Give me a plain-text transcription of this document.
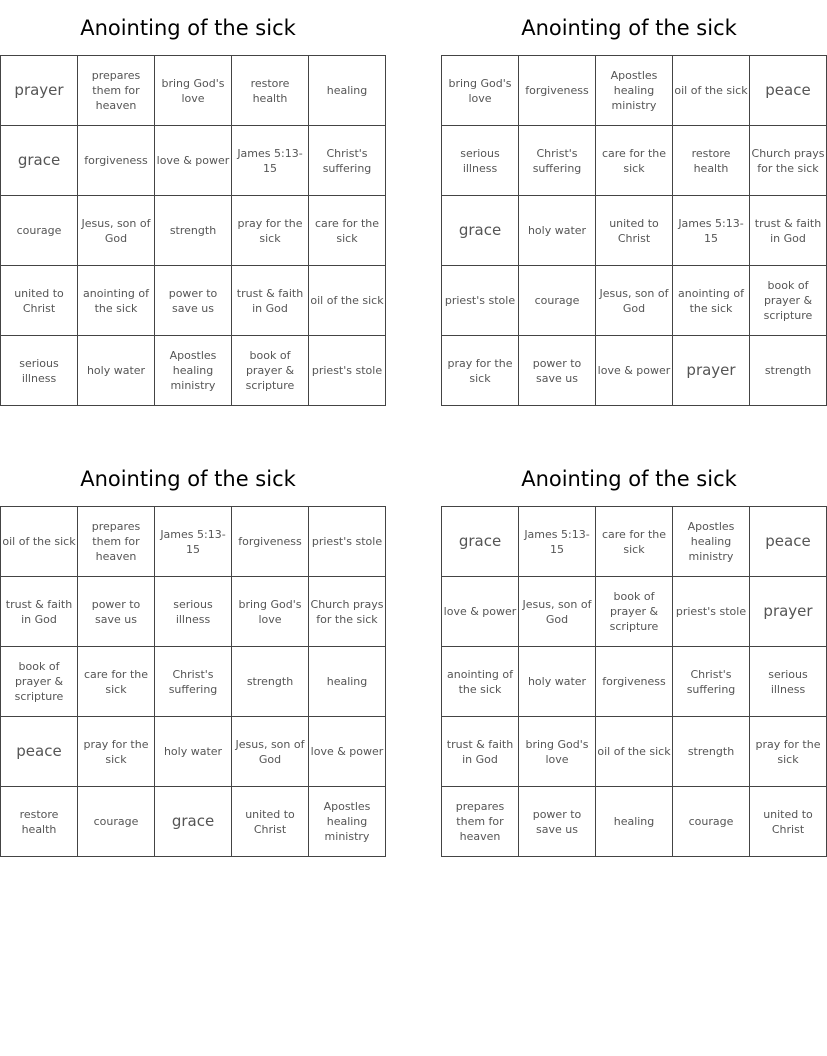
Anointing of the sick
prayer	prepares them for heaven	bring God's love	restore health	healing
grace	forgiveness	love & power	James 5:13-15	Christ's suffering
courage	Jesus, son of God	strength	pray for the sick	care for the sick
united to Christ	anointing of the sick	power to save us	trust & faith in God	oil of the sick
serious illness	holy water	Apostles healing ministry	book of prayer & scripture	priest's stole
Anointing of the sick
bring God's love	forgiveness	Apostles healing ministry	oil of the sick	peace
serious illness	Christ's suffering	care for the sick	restore health	Church prays for the sick
grace	holy water	united to Christ	James 5:13-15	trust & faith in God
priest's stole	courage	Jesus, son of God	anointing of the sick	book of prayer & scripture
pray for the sick	power to save us	love & power	prayer	strength
Anointing of the sick
oil of the sick	prepares them for heaven	James 5:13-15	forgiveness	priest's stole
trust & faith in God	power to save us	serious illness	bring God's love	Church prays for the sick
book of prayer & scripture	care for the sick	Christ's suffering	strength	healing
peace	pray for the sick	holy water	Jesus, son of God	love & power
restore health	courage	grace	united to Christ	Apostles healing ministry
Anointing of the sick
grace	James 5:13-15	care for the sick	Apostles healing ministry	peace
love & power	Jesus, son of God	book of prayer & scripture	priest's stole	prayer
anointing of the sick	holy water	forgiveness	Christ's suffering	serious illness
trust & faith in God	bring God's love	oil of the sick	strength	pray for the sick
prepares them for heaven	power to save us	healing	courage	united to Christ
